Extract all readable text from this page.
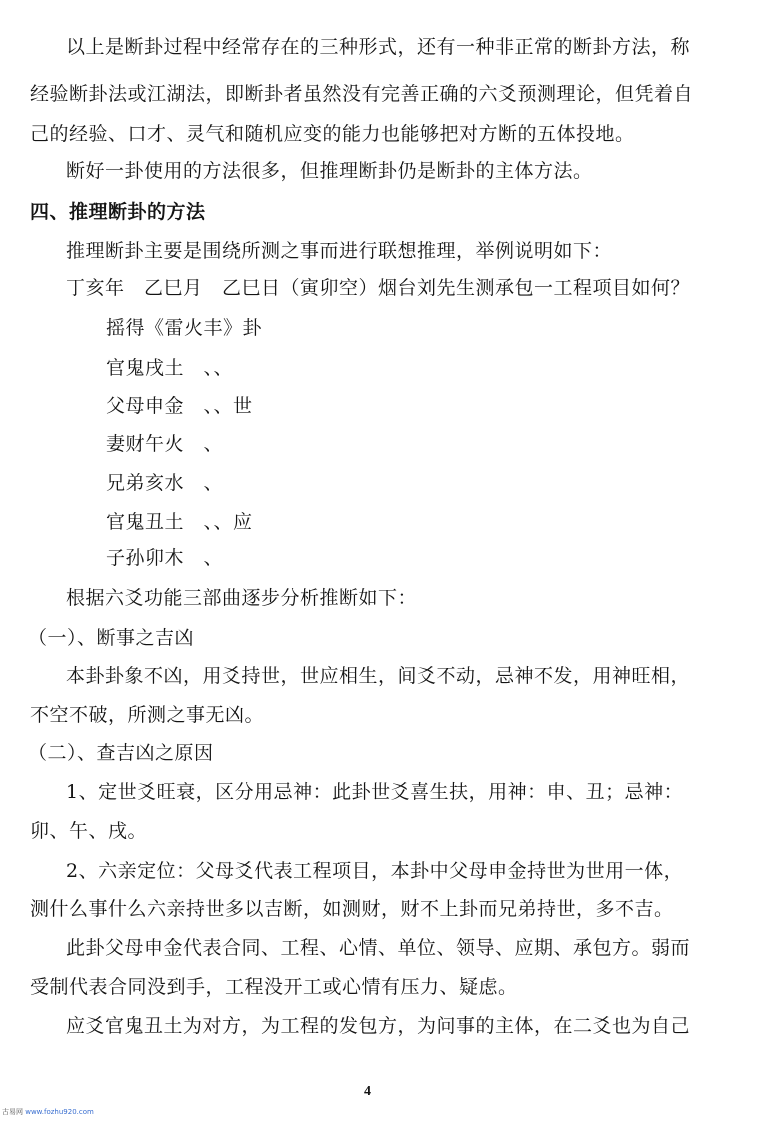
以上是断卦过程中经常存在的三种形式，还有一种非正常的断卦方法，称
经验断卦法或江湖法，即断卦者虽然没有完善正确的六爻预测理论，但凭着自
己的经验、口才、灵气和随机应变的能力也能够把对方断的五体投地。
断好一卦使用的方法很多，但推理断卦仍是断卦的主体方法。
四、推理断卦的方法
推理断卦主要是围绕所测之事而进行联想推理，举例说明如下：
丁亥年　乙巳月　乙巳日（寅卯空）烟台刘先生测承包一工程项目如何？
摇得《雷火丰》卦
官鬼戌土　、、
父母申金　、、世
妻财午火　、
兄弟亥水　、
官鬼丑土　、、应
子孙卯木　、
根据六爻功能三部曲逐步分析推断如下：
（一）、断事之吉凶
本卦卦象不凶，用爻持世，世应相生，间爻不动，忌神不发，用神旺相，
不空不破，所测之事无凶。
（二）、查吉凶之原因
1、定世爻旺衰，区分用忌神：此卦世爻喜生扶，用神：申、丑；忌神：
卯、午、戌。
2、六亲定位：父母爻代表工程项目，本卦中父母申金持世为世用一体，
测什么事什么六亲持世多以吉断，如测财，财不上卦而兄弟持世，多不吉。
此卦父母申金代表合同、工程、心情、单位、领导、应期、承包方。弱而
受制代表合同没到手，工程没开工或心情有压力、疑虑。
应爻官鬼丑土为对方，为工程的发包方，为问事的主体，在二爻也为自己
4
古易网 www.fozhu920.com
